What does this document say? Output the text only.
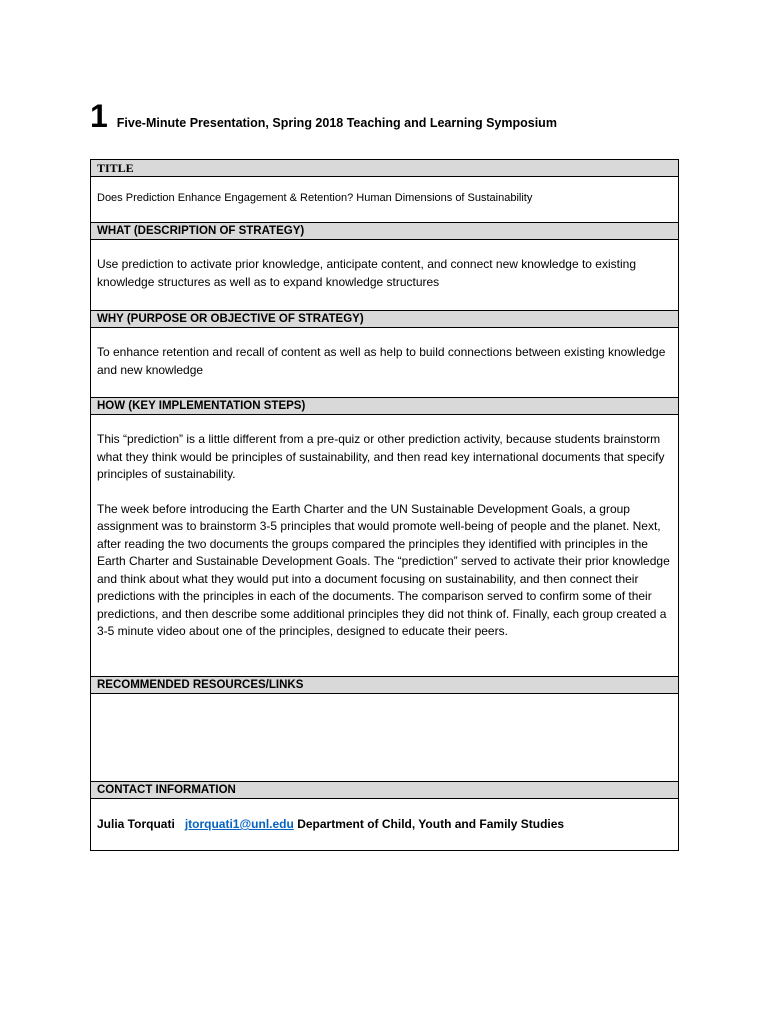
1 Five-Minute Presentation, Spring 2018 Teaching and Learning Symposium
TITLE

Does Prediction Enhance Engagement & Retention? Human Dimensions of Sustainability

WHAT (DESCRIPTION OF STRATEGY)

Use prediction to activate prior knowledge, anticipate content, and connect new knowledge to existing knowledge structures as well as to expand knowledge structures

WHY (PURPOSE OR OBJECTIVE OF STRATEGY)

To enhance retention and recall of content as well as help to build connections between existing knowledge and new knowledge

HOW (KEY IMPLEMENTATION STEPS)

This “prediction” is a little different from a pre-quiz or other prediction activity, because students brainstorm what they think would be principles of sustainability, and then read key international documents that specify principles of sustainability.

The week before introducing the Earth Charter and the UN Sustainable Development Goals, a group assignment was to brainstorm 3-5 principles that would promote well-being of people and the planet. Next, after reading the two documents the groups compared the principles they identified with principles in the Earth Charter and Sustainable Development Goals. The “prediction” served to activate their prior knowledge and think about what they would put into a document focusing on sustainability, and then connect their predictions with the principles in each of the documents. The comparison served to confirm some of their predictions, and then describe some additional principles they did not think of. Finally, each group created a 3-5 minute video about one of the principles, designed to educate their peers.

RECOMMENDED RESOURCES/LINKS
CONTACT INFORMATION
Julia Torquati jtorquati1@unl.edu Department of Child, Youth and Family Studies
